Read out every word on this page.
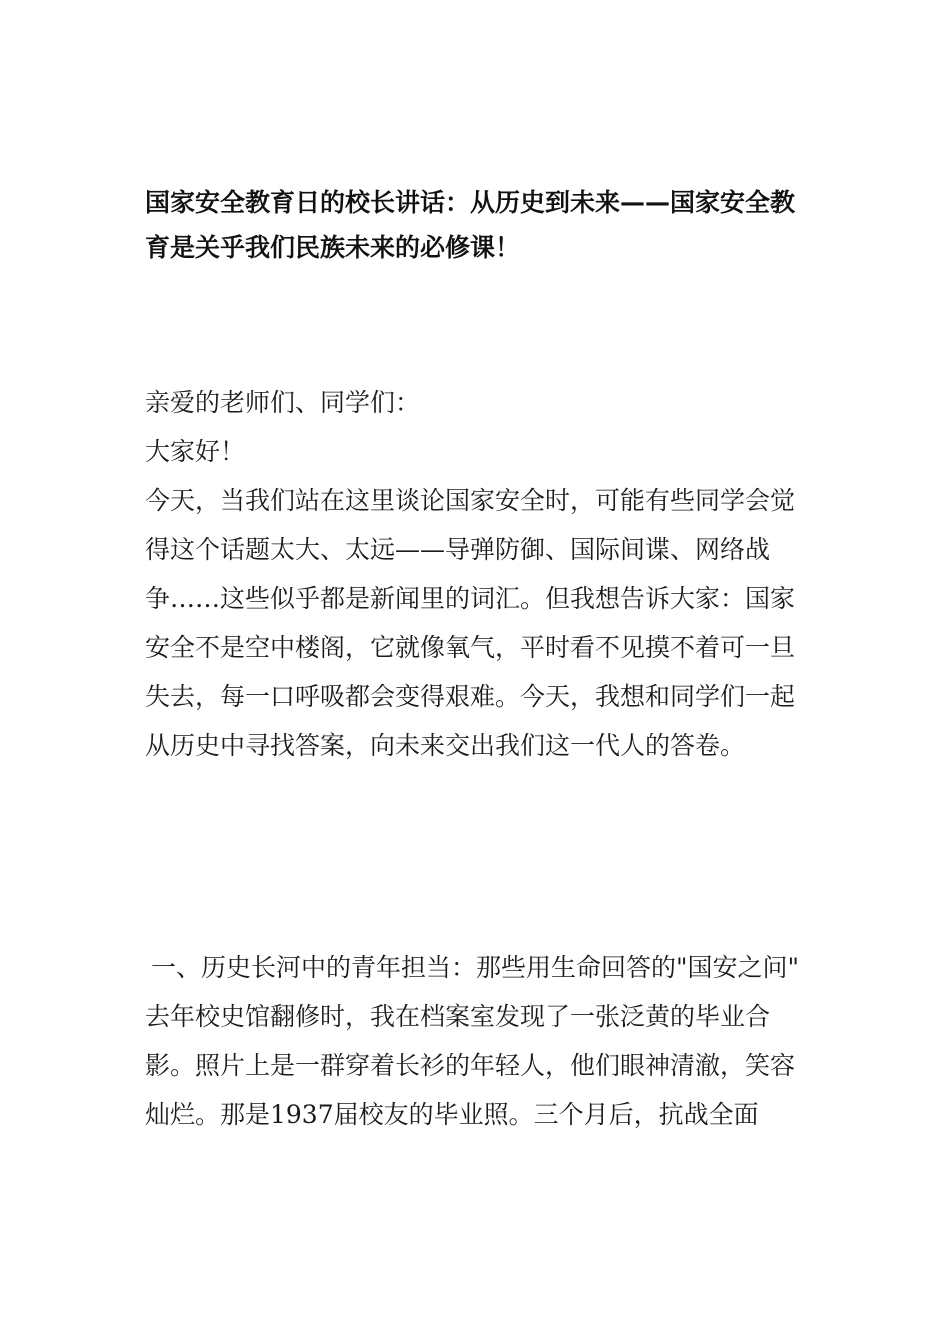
国家安全教育日的校长讲话：从历史到未来——国家安全教育是关乎我们民族未来的必修课！

亲爱的老师们、同学们：

大家好！

今天，当我们站在这里谈论国家安全时，可能有些同学会觉得这个话题太大、太远——导弹防御、国际间谍、网络战争……这些似乎都是新闻里的词汇。但我想告诉大家：国家安全不是空中楼阁，它就像氧气，平时看不见摸不着可一旦失去，每一口呼吸都会变得艰难。今天，我想和同学们一起从历史中寻找答案，向未来交出我们这一代人的答卷。

一、历史长河中的青年担当：那些用生命回答的"国安之问"

去年校史馆翻修时，我在档案室发现了一张泛黄的毕业合影。照片上是一群穿着长衫的年轻人，他们眼神清澈，笑容灿烂。那是1937届校友的毕业照。三个月后，抗战全面
